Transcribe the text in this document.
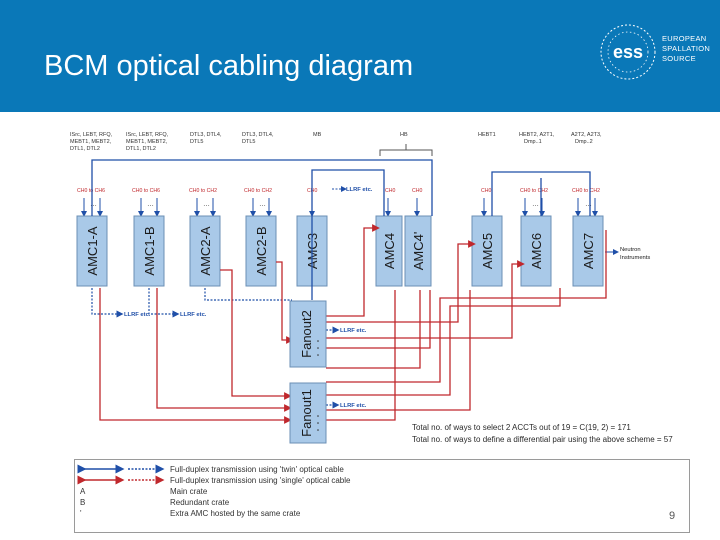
BCM optical cabling diagram	ess
EUROPEAN
SPALLATION
SOURCE
ISrc, LEBT, RFQ,
MEBT1, MEBT2,
DTL1, DTL2
ISrc, LEBT, RFQ,
MEBT1, MEBT2,
DTL1, DTL2
DTL3, DTL4,
DTL5
DTL3, DTL4,
DTL5
MB	HB	HEBT1	HEBT2, A2T1,
Dmp..1
A2T2, A2T3,
Dmp..2
CH0 to CH6	CH0 to CH6	CH0 to CH2	CH0 to CH2	CH0	CH0	CH0	CH0	CH0 to CH2	CH0 to CH2
…	…	…	…	…	…
LLRF etc.
AMC1-A	AMC1-B	AMC2-A	AMC2-B	AMC3	AMC4 AMC4'	AMC5	AMC6	AMC7	Neutron
Instruments
LLRF etc.	LLRF etc.	Fanout2
Fanout1
LLRF etc.
LLRF etc.
Total no. of ways to select 2 ACCTs out of 19 = C(19, 2) = 171
Total no. of ways to define a differential pair using the above scheme = 57
A
B
'
Full-duplex transmission using 'twin' optical cable
Full-duplex transmission using 'single' optical cable
Main crate
Redundant crate
Extra AMC hosted by the same crate	9
